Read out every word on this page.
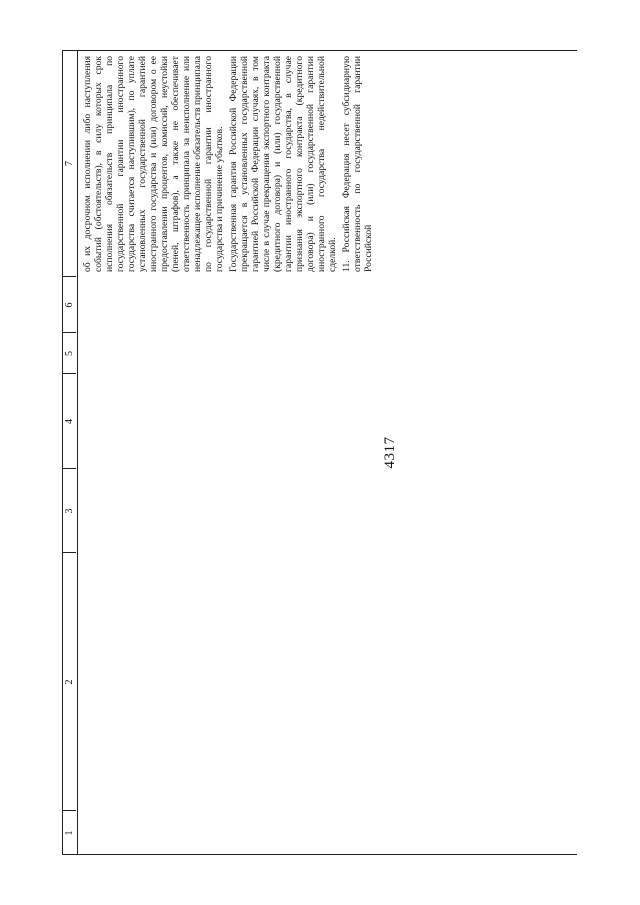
4317
1
2
3
4
5
6
7 об их досрочном исполнении либо наступления событий (обстоятельств), в силу которых срок исполнения обязательств принципала по государственной гарантии иностранного государства считается наступившим), по уплате установленных государственной гарантией иностранного государства и (или) договором о ее предоставлении процентов, комиссий, неустойки (пеней, штрафов), а также не обеспечивает ответственность принципала за неисполнение или ненадлежащее исполнение обязательств принципала по государственной гарантии иностранного государства и причинение убытков. Государственная гарантия Российской Федерации прекращается в установленных государственной гарантией Российской Федерации случаях, в том числе в случае прекращения экспортного контракта (кредитного договора) и (или) государственной гарантии иностранного государства, в случае признания экспортного контракта (кредитного договора) и (или) государственной гарантии иностранного государства недействительной сделкой. 11. Российская Федерация несет субсидиарную ответственность по государственной гарантии Российской
